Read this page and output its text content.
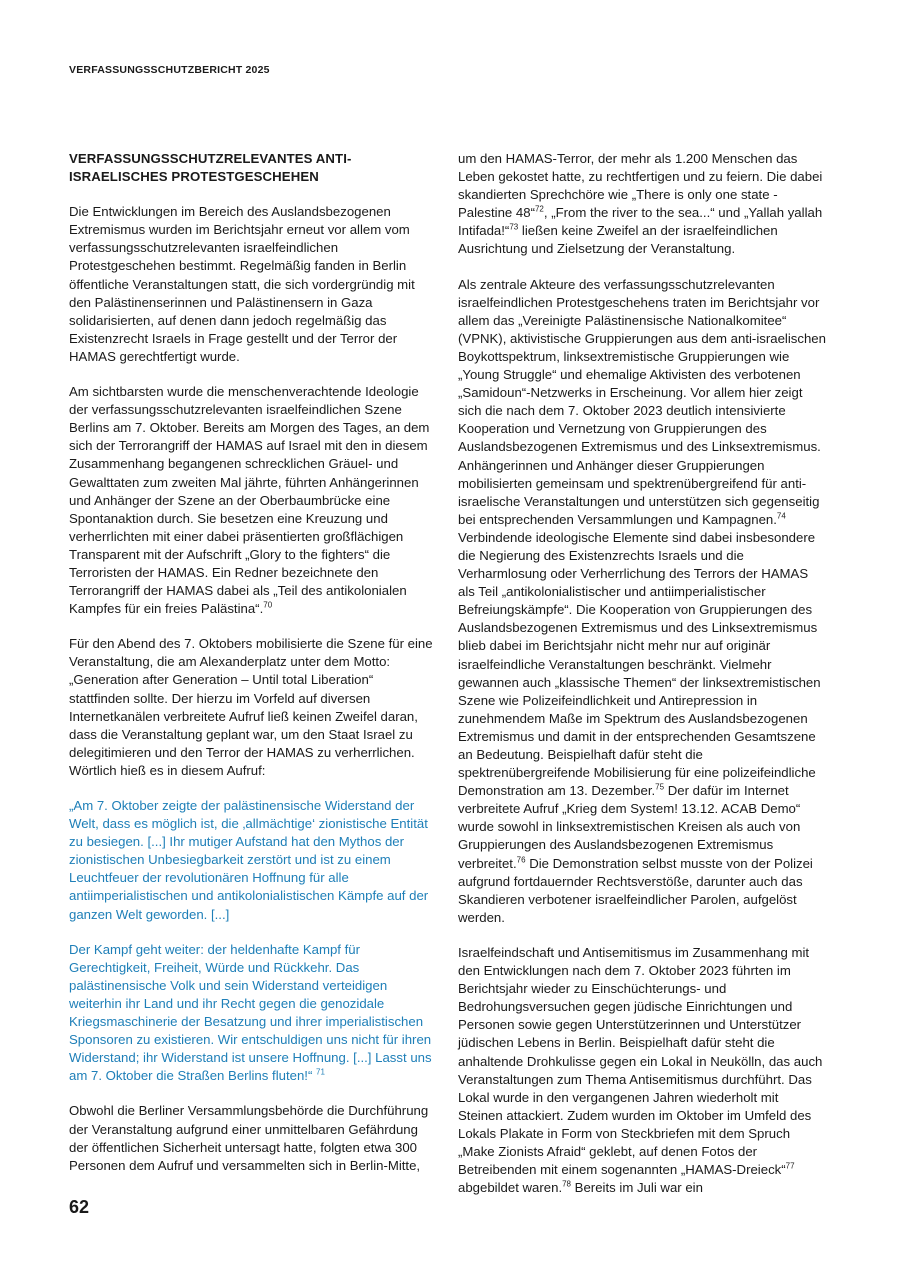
VERFASSUNGSSCHUTZBERICHT 2025
VERFASSUNGSSCHUTZRELEVANTES ANTI-ISRAELISCHES PROTESTGESCHEHEN

Die Entwicklungen im Bereich des Auslandsbezogenen Extremismus wurden im Berichtsjahr erneut vor allem vom verfassungsschutzrelevanten israelfeindlichen Protestgeschehen bestimmt. Regelmäßig fanden in Berlin öffentliche Veranstaltungen statt, die sich vordergründig mit den Palästinenserinnen und Palästinensern in Gaza solidarisierten, auf denen dann jedoch regelmäßig das Existenzrecht Israels in Frage gestellt und der Terror der HAMAS gerechtfertigt wurde.

Am sichtbarsten wurde die menschenverachtende Ideologie der verfassungsschutzrelevanten israelfeindlichen Szene Berlins am 7. Oktober. Bereits am Morgen des Tages, an dem sich der Terrorangriff der HAMAS auf Israel mit den in diesem Zusammenhang begangenen schrecklichen Gräuel- und Gewalttaten zum zweiten Mal jährte, führten Anhängerinnen und Anhänger der Szene an der Oberbaumbrücke eine Spontanaktion durch. Sie besetzen eine Kreuzung und verherrlichten mit einer dabei präsentierten großflächigen Transparent mit der Aufschrift „Glory to the fighters“ die Terroristen der HAMAS. Ein Redner bezeichnete den Terrorangriff der HAMAS dabei als „Teil des antikolonialen Kampfes für ein freies Palästina“.$^{70}$

Für den Abend des 7. Oktobers mobilisierte die Szene für eine Veranstaltung, die am Alexanderplatz unter dem Motto: „Generation after Generation – Until total Liberation“ stattfinden sollte. Der hierzu im Vorfeld auf diversen Internetkanälen verbreitete Aufruf ließ keinen Zweifel daran, dass die Veranstaltung geplant war, um den Staat Israel zu delegitimieren und den Terror der HAMAS zu verherrlichen. Wörtlich hieß es in diesem Aufruf:

„Am 7. Oktober zeigte der palästinensische Widerstand der Welt, dass es möglich ist, die ‚allmächtige‘ zionistische Entität zu besiegen. [...] Ihr mutiger Aufstand hat den Mythos der zionistischen Unbesiegbarkeit zerstört und ist zu einem Leuchtfeuer der revolutionären Hoffnung für alle antiimperialistischen und antikolonialistischen Kämpfe auf der ganzen Welt geworden. [...]

Der Kampf geht weiter: der heldenhafte Kampf für Gerechtigkeit, Freiheit, Würde und Rückkehr. Das palästinensische Volk und sein Widerstand verteidigen weiterhin ihr Land und ihr Recht gegen die genozidale Kriegsmaschinerie der Besatzung und ihrer imperialistischen Sponsoren zu existieren. Wir entschuldigen uns nicht für ihren Widerstand; ihr Widerstand ist unsere Hoffnung. [...] Lasst uns am 7. Oktober die Straßen Berlins fluten!“ $^{71}$

Obwohl die Berliner Versammlungsbehörde die Durchführung der Veranstaltung aufgrund einer unmittelbaren Gefährdung der öffentlichen Sicherheit untersagt hatte, folgten etwa 300 Personen dem Aufruf und versammelten sich in Berlin-Mitte,

um den HAMAS-Terror, der mehr als 1.200 Menschen das Leben gekostet hatte, zu rechtfertigen und zu feiern. Die dabei skandierten Sprechchöre wie „There is only one state - Palestine 48“$^{72}$, „From the river to the sea...“ und „Yallah yallah Intifada!“$^{73}$ ließen keine Zweifel an der israelfeindlichen Ausrichtung und Zielsetzung der Veranstaltung.

Als zentrale Akteure des verfassungsschutzrelevanten israelfeindlichen Protestgeschehens traten im Berichtsjahr vor allem das „Vereinigte Palästinensische Nationalkomitee“ (VPNK), aktivistische Gruppierungen aus dem anti-israelischen Boykottspektrum, linksextremistische Gruppierungen wie „Young Struggle“ und ehemalige Aktivisten des verbotenen „Samidoun“-Netzwerks in Erscheinung. Vor allem hier zeigt sich die nach dem 7. Oktober 2023 deutlich intensivierte Kooperation und Vernetzung von Gruppierungen des Auslandsbezogenen Extremismus und des Linksextremismus. Anhängerinnen und Anhänger dieser Gruppierungen mobilisierten gemeinsam und spektrenübergreifend für anti-israelische Veranstaltungen und unterstützen sich gegenseitig bei entsprechenden Versammlungen und Kampagnen.$^{74}$ Verbindende ideologische Elemente sind dabei insbesondere die Negierung des Existenzrechts Israels und die Verharmlosung oder Verherrlichung des Terrors der HAMAS als Teil „antikolonialistischer und antiimperialistischer Befreiungskämpfe“. Die Kooperation von Gruppierungen des Auslandsbezogenen Extremismus und des Linksextremismus blieb dabei im Berichtsjahr nicht mehr nur auf originär israelfeindliche Veranstaltungen beschränkt. Vielmehr gewannen auch „klassische Themen“ der linksextremistischen Szene wie Polizeifeindlichkeit und Antirepression in zunehmendem Maße im Spektrum des Auslandsbezogenen Extremismus und damit in der entsprechenden Gesamtszene an Bedeutung. Beispielhaft dafür steht die spektrenübergreifende Mobilisierung für eine polizeifeindliche Demonstration am 13. Dezember.$^{75}$ Der dafür im Internet verbreitete Aufruf „Krieg dem System! 13.12. ACAB Demo“ wurde sowohl in linksextremistischen Kreisen als auch von Gruppierungen des Auslandsbezogenen Extremismus verbreitet.$^{76}$ Die Demonstration selbst musste von der Polizei aufgrund fortdauernder Rechtsverstöße, darunter auch das Skandieren verbotener israelfeindlicher Parolen, aufgelöst werden.

Israelfeindschaft und Antisemitismus im Zusammenhang mit den Entwicklungen nach dem 7. Oktober 2023 führten im Berichtsjahr wieder zu Einschüchterungs- und Bedrohungsversuchen gegen jüdische Einrichtungen und Personen sowie gegen Unterstützerinnen und Unterstützer jüdischen Lebens in Berlin. Beispielhaft dafür steht die anhaltende Drohkulisse gegen ein Lokal in Neukölln, das auch Veranstaltungen zum Thema Antisemitismus durchführt. Das Lokal wurde in den vergangenen Jahren wiederholt mit Steinen attackiert. Zudem wurden im Oktober im Umfeld des Lokals Plakate in Form von Steckbriefen mit dem Spruch „Make Zionists Afraid“ geklebt, auf denen Fotos der Betreibenden mit einem sogenannten „HAMAS-Dreieck“$^{77}$ abgebildet waren.$^{78}$ Bereits im Juli war ein

62
